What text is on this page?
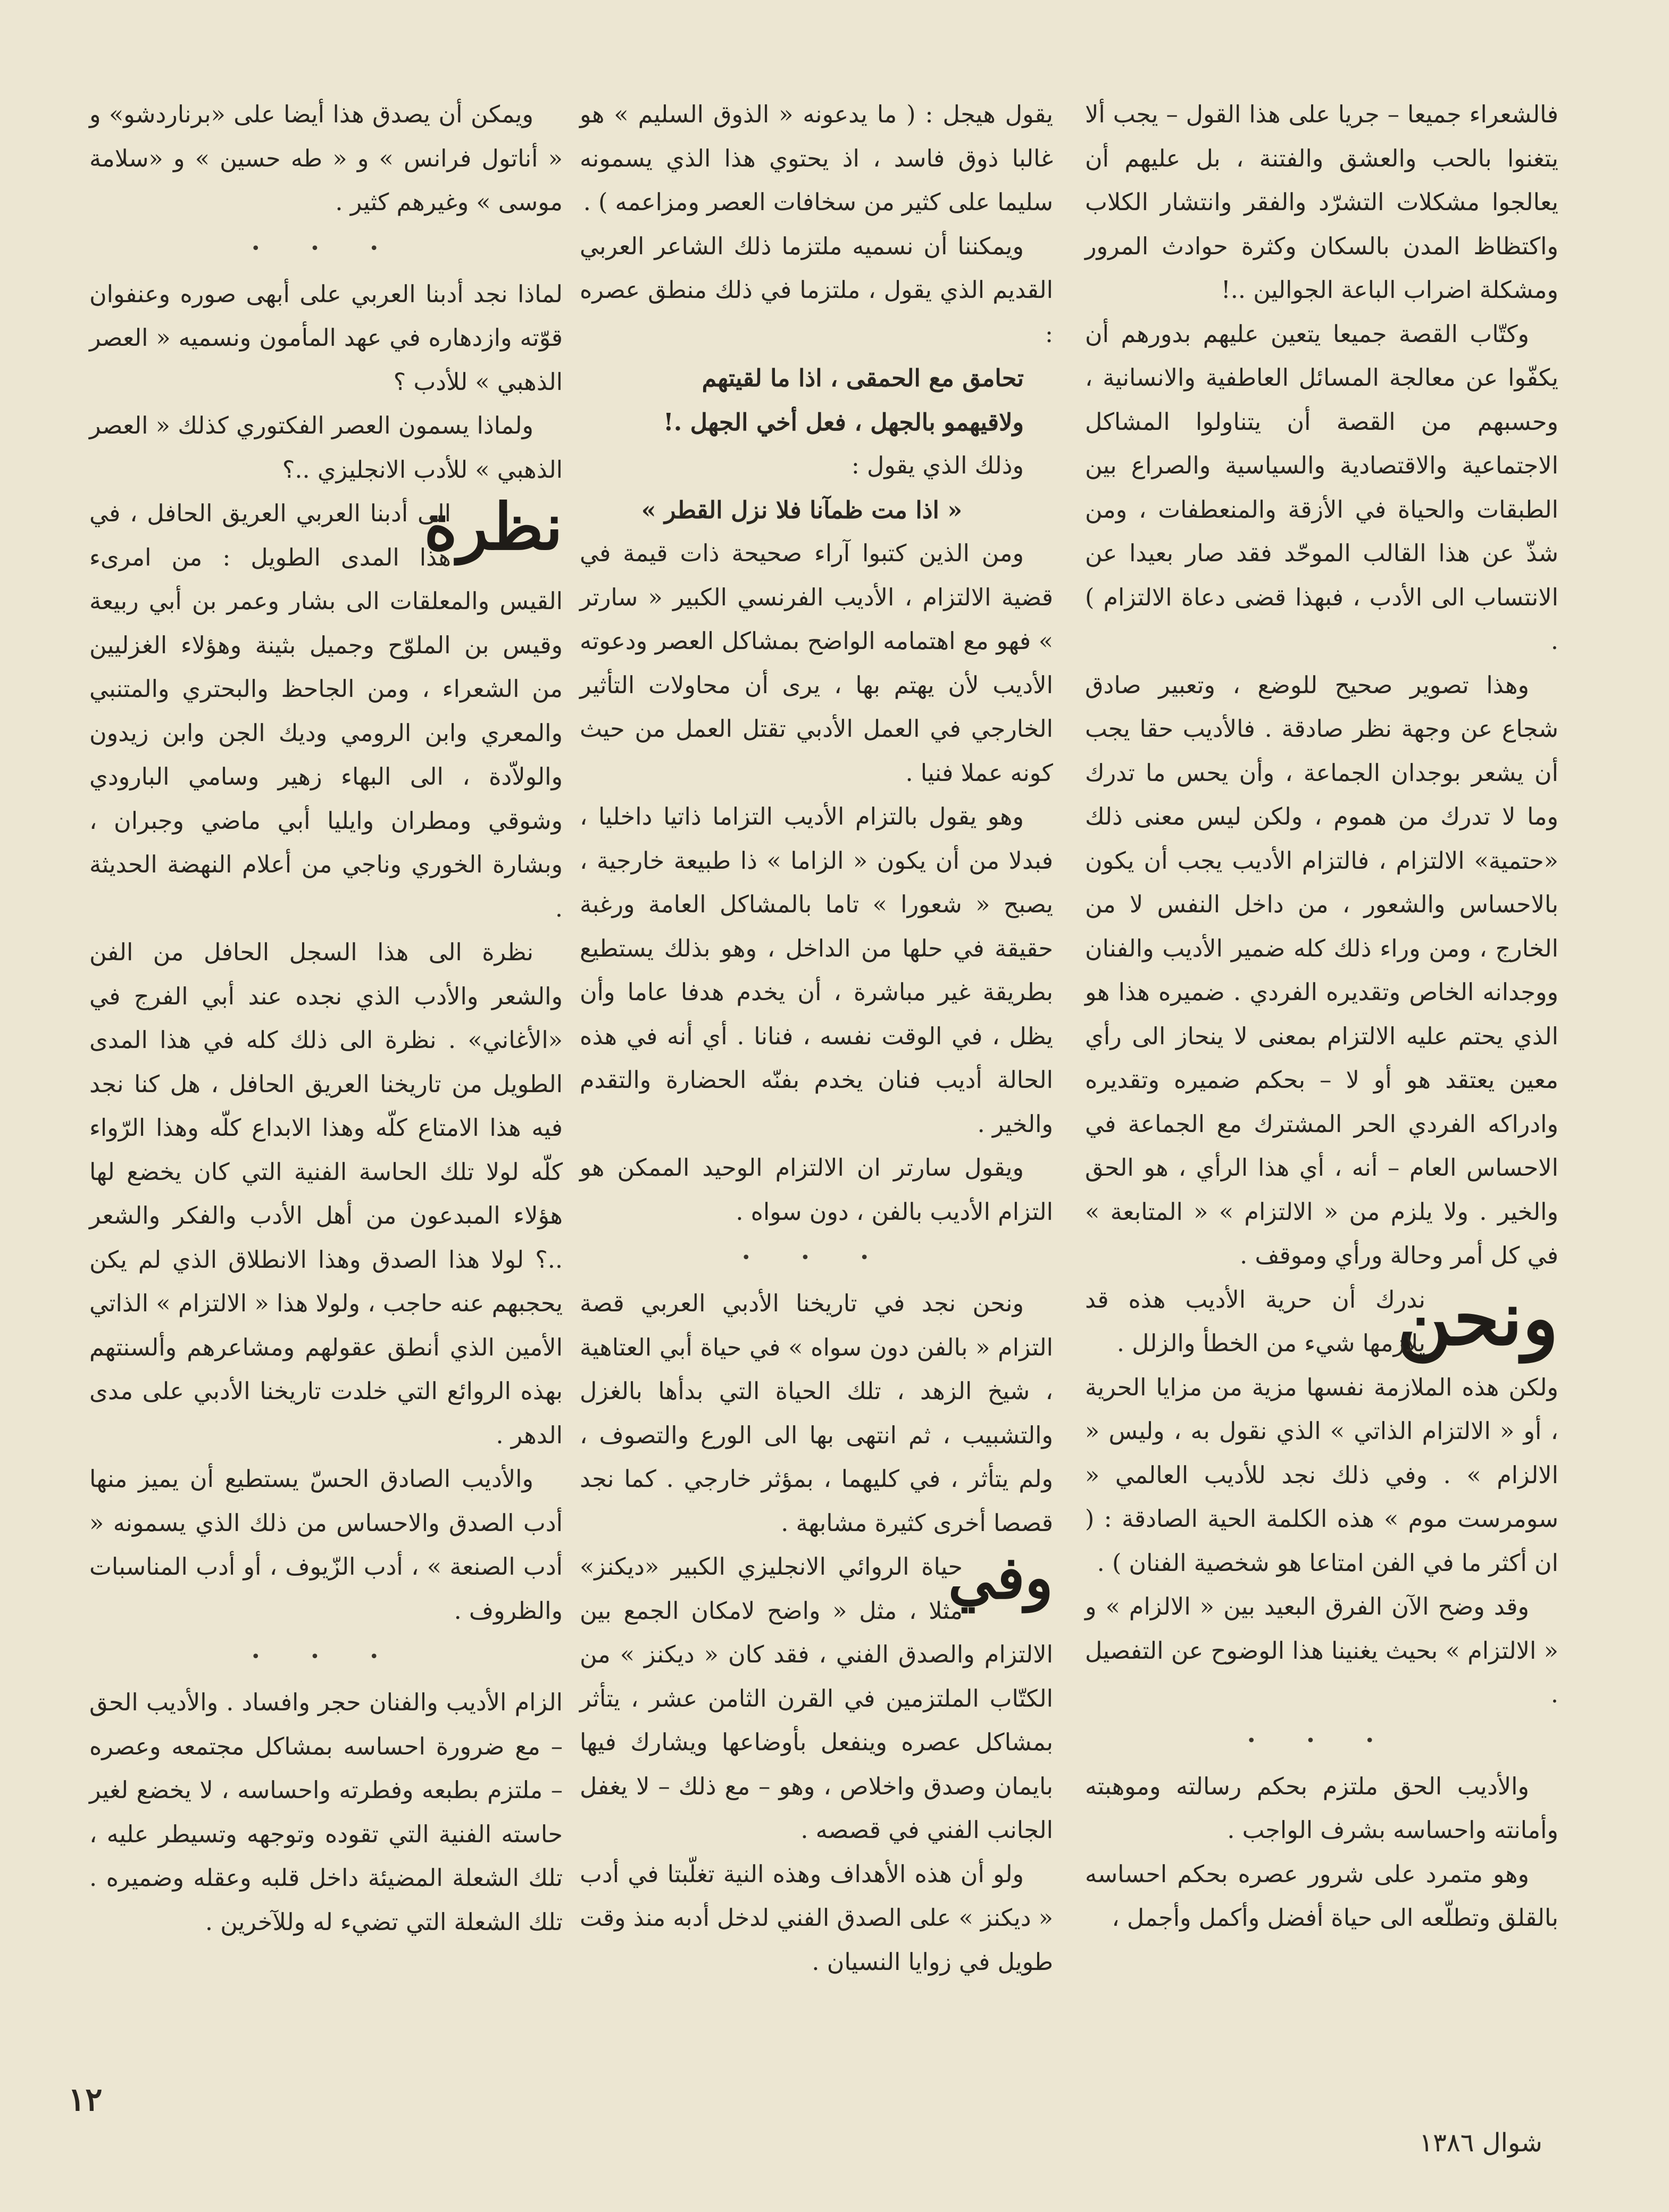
فالشعراء جميعا – جريا على هذا القول – يجب ألا يتغنوا بالحب والعشق والفتنة ، بل عليهم أن يعالجوا مشكلات التشرّد والفقر وانتشار الكلاب واكتظاظ المدن بالسكان وكثرة حوادث المرور ومشكلة اضراب الباعة الجوالين ..!

وكتّاب القصة جميعا يتعين عليهم بدورهم أن يكفّوا عن معالجة المسائل العاطفية والانسانية ، وحسبهم من القصة أن يتناولوا المشاكل الاجتماعية والاقتصادية والسياسية والصراع بين الطبقات والحياة في الأزقة والمنعطفات ، ومن شذّ عن هذا القالب الموحّد فقد صار بعيدا عن الانتساب الى الأدب ، فبهذا قضى دعاة الالتزام ) .

وهذا تصوير صحيح للوضع ، وتعبير صادق شجاع عن وجهة نظر صادقة . فالأديب حقا يجب أن يشعر بوجدان الجماعة ، وأن يحس ما تدرك وما لا تدرك من هموم ، ولكن ليس معنى ذلك «حتمية» الالتزام ، فالتزام الأديب يجب أن يكون بالاحساس والشعور ، من داخل النفس لا من الخارج ، ومن وراء ذلك كله ضمير الأديب والفنان ووجدانه الخاص وتقديره الفردي . ضميره هذا هو الذي يحتم عليه الالتزام بمعنى لا ينحاز الى رأي معين يعتقد هو أو لا – بحكم ضميره وتقديره وادراكه الفردي الحر المشترك مع الجماعة في الاحساس العام – أنه ، أي هذا الرأي ، هو الحق والخير . ولا يلزم من « الالتزام » « المتابعة » في كل أمر وحالة ورأي وموقف .

ونحن
ندرك أن حرية الأديب هذه قد يلازمها شيء من الخطأ والزلل .

ولكن هذه الملازمة نفسها مزية من مزايا الحرية ، أو « الالتزام الذاتي » الذي نقول به ، وليس « الالزام » . وفي ذلك نجد للأديب العالمي « سومرست موم » هذه الكلمة الحية الصادقة : ( ان أكثر ما في الفن امتاعا هو شخصية الفنان ) .

وقد وضح الآن الفرق البعيد بين « الالزام » و « الالتزام » بحيث يغنينا هذا الوضوح عن التفصيل .

• • •

والأديب الحق ملتزم بحكم رسالته وموهبته وأمانته واحساسه بشرف الواجب .

وهو متمرد على شرور عصره بحكم احساسه بالقلق وتطلّعه الى حياة أفضل وأكمل وأجمل ،

يقول هيجل : ( ما يدعونه « الذوق السليم » هو غالبا ذوق فاسد ، اذ يحتوي هذا الذي يسمونه سليما على كثير من سخافات العصر ومزاعمه ) .

ويمكننا أن نسميه ملتزما ذلك الشاعر العربي القديم الذي يقول ، ملتزما في ذلك منطق عصره :

تحامق مع الحمقى ، اذا ما لقيتهم

ولاقيهمو بالجهل ، فعل أخي الجهل .!

وذلك الذي يقول :

« اذا مت ظمآنا فلا نزل القطر »

ومن الذين كتبوا آراء صحيحة ذات قيمة في قضية الالتزام ، الأديب الفرنسي الكبير « سارتر » فهو مع اهتمامه الواضح بمشاكل العصر ودعوته الأديب لأن يهتم بها ، يرى أن محاولات التأثير الخارجي في العمل الأدبي تقتل العمل من حيث كونه عملا فنيا .

وهو يقول بالتزام الأديب التزاما ذاتيا داخليا ، فبدلا من أن يكون « الزاما » ذا طبيعة خارجية ، يصبح « شعورا » تاما بالمشاكل العامة ورغبة حقيقة في حلها من الداخل ، وهو بذلك يستطيع بطريقة غير مباشرة ، أن يخدم هدفا عاما وأن يظل ، في الوقت نفسه ، فنانا . أي أنه في هذه الحالة أديب فنان يخدم بفنّه الحضارة والتقدم والخير .

ويقول سارتر ان الالتزام الوحيد الممكن هو التزام الأديب بالفن ، دون سواه .

• • •

ونحن نجد في تاريخنا الأدبي العربي قصة التزام « بالفن دون سواه » في حياة أبي العتاهية ، شيخ الزهد ، تلك الحياة التي بدأها بالغزل والتشبيب ، ثم انتهى بها الى الورع والتصوف ، ولم يتأثر ، في كليهما ، بمؤثر خارجي . كما نجد قصصا أخرى كثيرة مشابهة .

وفي
حياة الروائي الانجليزي الكبير «ديكنز» مثلا ، مثل « واضح لامكان الجمع بين الالتزام والصدق الفني ، فقد كان « ديكنز » من الكتّاب الملتزمين في القرن الثامن عشر ، يتأثر بمشاكل عصره وينفعل بأوضاعها ويشارك فيها بايمان وصدق واخلاص ، وهو – مع ذلك – لا يغفل الجانب الفني في قصصه .

ولو أن هذه الأهداف وهذه النية تغلّبتا في أدب « ديكنز » على الصدق الفني لدخل أدبه منذ وقت طويل في زوايا النسيان .

ويمكن أن يصدق هذا أيضا على «برناردشو» و « أناتول فرانس » و « طه حسين » و «سلامة موسى » وغيرهم كثير .

• • •

لماذا نجد أدبنا العربي على أبهى صوره وعنفوان قوّته وازدهاره في عهد المأمون ونسميه « العصر الذهبي » للأدب ؟

ولماذا يسمون العصر الفكتوري كذلك « العصر الذهبي » للأدب الانجليزي ..؟

نظرة
الى أدبنا العربي العريق الحافل ، في هذا المدى الطويل : من امرىء القيس والمعلقات الى بشار وعمر بن أبي ربيعة وقيس بن الملوّح وجميل بثينة وهؤلاء الغزليين من الشعراء ، ومن الجاحظ والبحتري والمتنبي والمعري وابن الرومي وديك الجن وابن زيدون والولاّدة ، الى البهاء زهير وسامي البارودي وشوقي ومطران وايليا أبي ماضي وجبران ، وبشارة الخوري وناجي من أعلام النهضة الحديثة .

نظرة الى هذا السجل الحافل من الفن والشعر والأدب الذي نجده عند أبي الفرج في «الأغاني» . نظرة الى ذلك كله في هذا المدى الطويل من تاريخنا العريق الحافل ، هل كنا نجد فيه هذا الامتاع كلّه وهذا الابداع كلّه وهذا الرّواء كلّه لولا تلك الحاسة الفنية التي كان يخضع لها هؤلاء المبدعون من أهل الأدب والفكر والشعر ..؟ لولا هذا الصدق وهذا الانطلاق الذي لم يكن يحجبهم عنه حاجب ، ولولا هذا « الالتزام » الذاتي الأمين الذي أنطق عقولهم ومشاعرهم وألسنتهم بهذه الروائع التي خلدت تاريخنا الأدبي على مدى الدهر .

والأديب الصادق الحسّ يستطيع أن يميز منها أدب الصدق والاحساس من ذلك الذي يسمونه « أدب الصنعة » ، أدب الزّيوف ، أو أدب المناسبات والظروف .

• • •

الزام الأديب والفنان حجر وافساد . والأديب الحق – مع ضرورة احساسه بمشاكل مجتمعه وعصره – ملتزم بطبعه وفطرته واحساسه ، لا يخضع لغير حاسته الفنية التي تقوده وتوجهه وتسيطر عليه ، تلك الشعلة المضيئة داخل قلبه وعقله وضميره . تلك الشعلة التي تضيء له وللآخرين .

١٢
شوال ١٣٨٦
